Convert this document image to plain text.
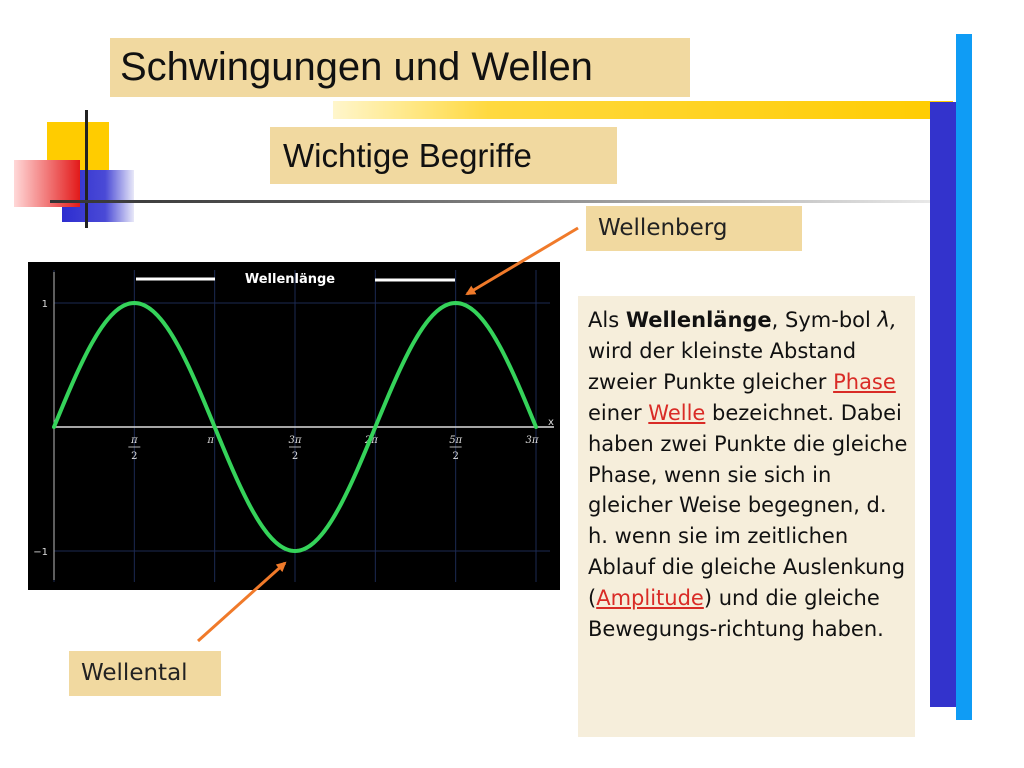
Schwingungen und Wellen
Wichtige Begriffe
Wellenberg
Wellental
Wellenlänge
1
−1
π
2
π	3π
2
2π	5π
2
3π
x

Als Wellenlänge, Sym-bol λ, wird der kleinste Abstand zweier Punkte gleicher Phase einer Welle bezeichnet. Dabei haben zwei Punkte die gleiche Phase, wenn sie sich in gleicher Weise begegnen, d. h. wenn sie im zeitlichen Ablauf die gleiche Auslenkung (Amplitude) und die gleiche Bewegungs-richtung haben.
